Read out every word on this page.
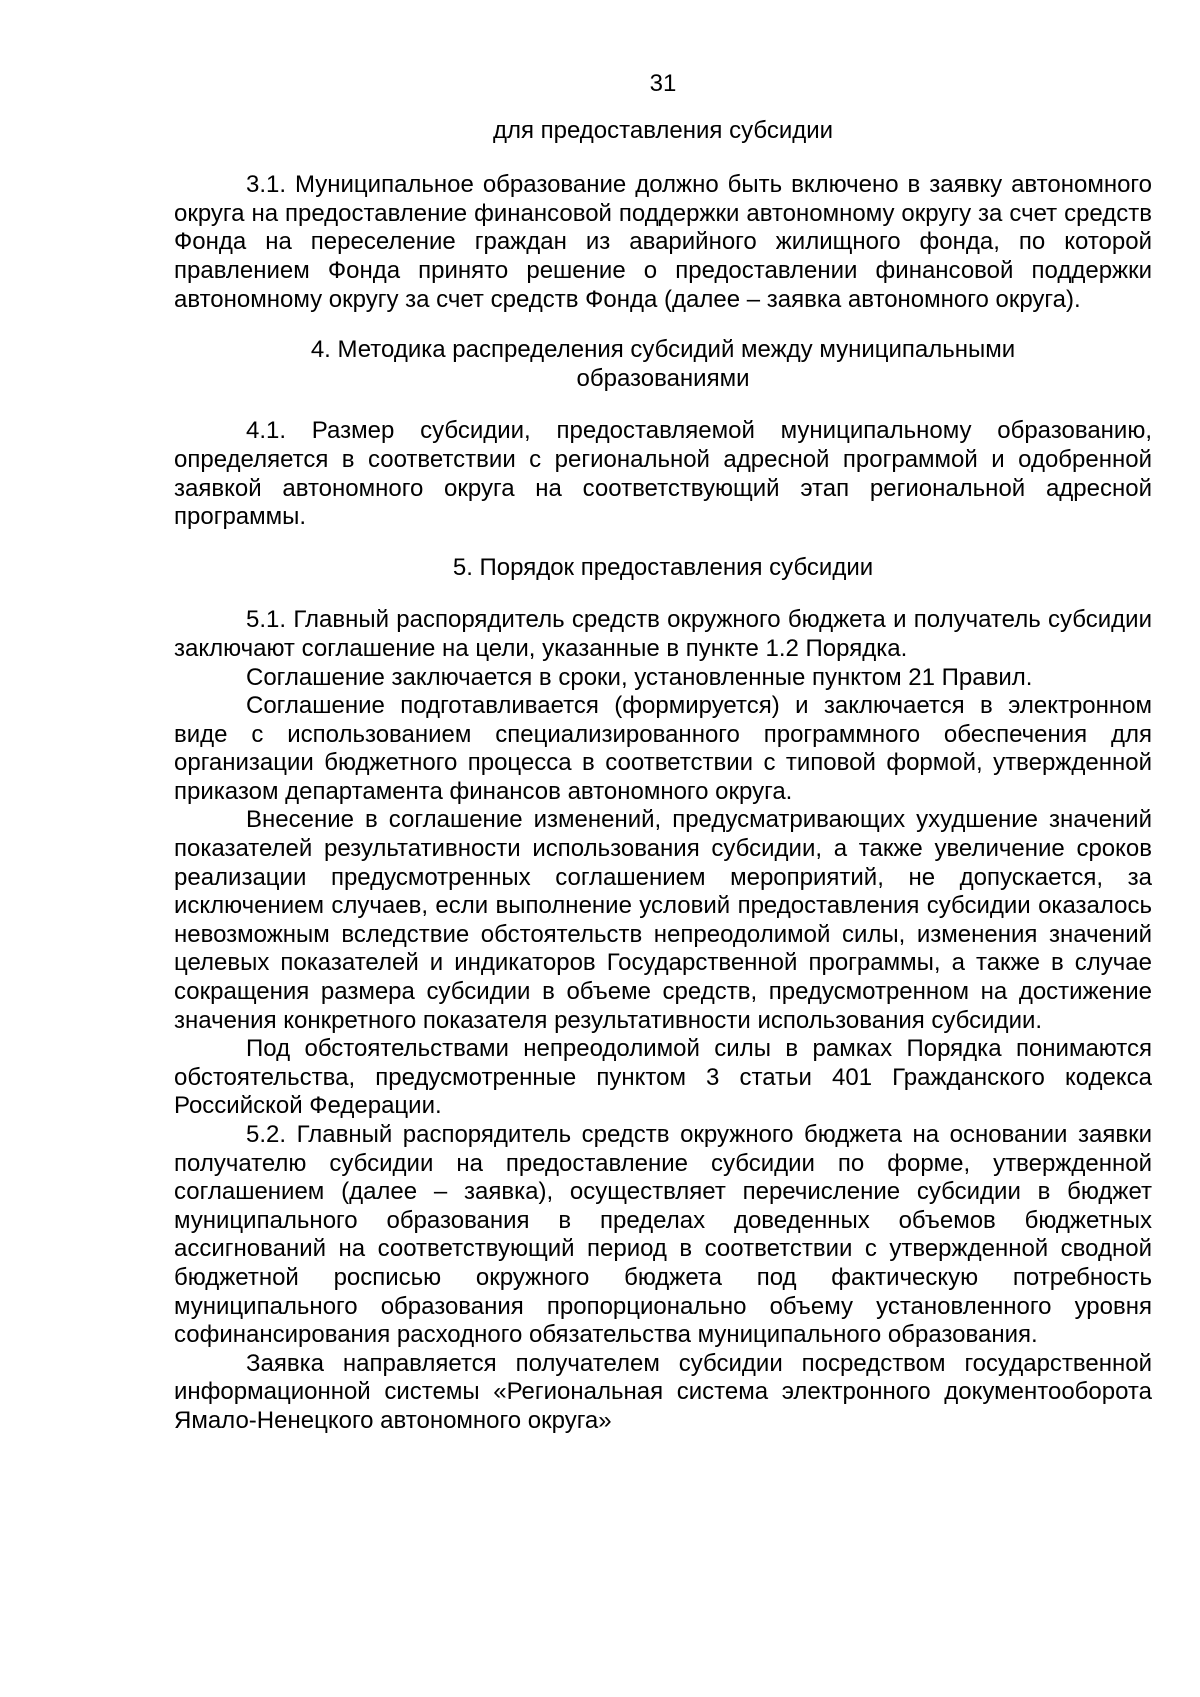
31
для предоставления субсидии

3.1. Муниципальное образование должно быть включено в заявку автономного округа на предоставление финансовой поддержки автономному округу за счет средств Фонда на переселение граждан из аварийного жилищного фонда, по которой правлением Фонда принято решение о предоставлении финансовой поддержки автономному округу за счет средств Фонда (далее – заявка автономного округа).

4. Методика распределения субсидий между муниципальными
образованиями

4.1. Размер субсидии, предоставляемой муниципальному образованию, определяется в соответствии с региональной адресной программой и одобренной заявкой автономного округа на соответствующий этап региональной адресной программы.

5. Порядок предоставления субсидии

5.1. Главный распорядитель средств окружного бюджета и получатель субсидии заключают соглашение на цели, указанные в пункте 1.2 Порядка.

Соглашение заключается в сроки, установленные пунктом 21 Правил.

Соглашение подготавливается (формируется) и заключается в электронном виде с использованием специализированного программного обеспечения для организации бюджетного процесса в соответствии с типовой формой, утвержденной приказом департамента финансов автономного округа.

Внесение в соглашение изменений, предусматривающих ухудшение значений показателей результативности использования субсидии, а также увеличение сроков реализации предусмотренных соглашением мероприятий, не допускается, за исключением случаев, если выполнение условий предоставления субсидии оказалось невозможным вследствие обстоятельств непреодолимой силы, изменения значений целевых показателей и индикаторов Государственной программы, а также в случае сокращения размера субсидии в объеме средств, предусмотренном на достижение значения конкретного показателя результативности использования субсидии.

Под обстоятельствами непреодолимой силы в рамках Порядка понимаются обстоятельства, предусмотренные пунктом 3 статьи 401 Гражданского кодекса Российской Федерации.

5.2. Главный распорядитель средств окружного бюджета на основании заявки получателю субсидии на предоставление субсидии по форме, утвержденной соглашением (далее – заявка), осуществляет перечисление субсидии в бюджет муниципального образования в пределах доведенных объемов бюджетных ассигнований на соответствующий период в соответствии с утвержденной сводной бюджетной росписью окружного бюджета под фактическую потребность муниципального образования пропорционально объему установленного уровня софинансирования расходного обязательства муниципального образования.

Заявка направляется получателем субсидии посредством государственной информационной системы «Региональная система электронного документооборота Ямало-Ненецкого автономного округа»
